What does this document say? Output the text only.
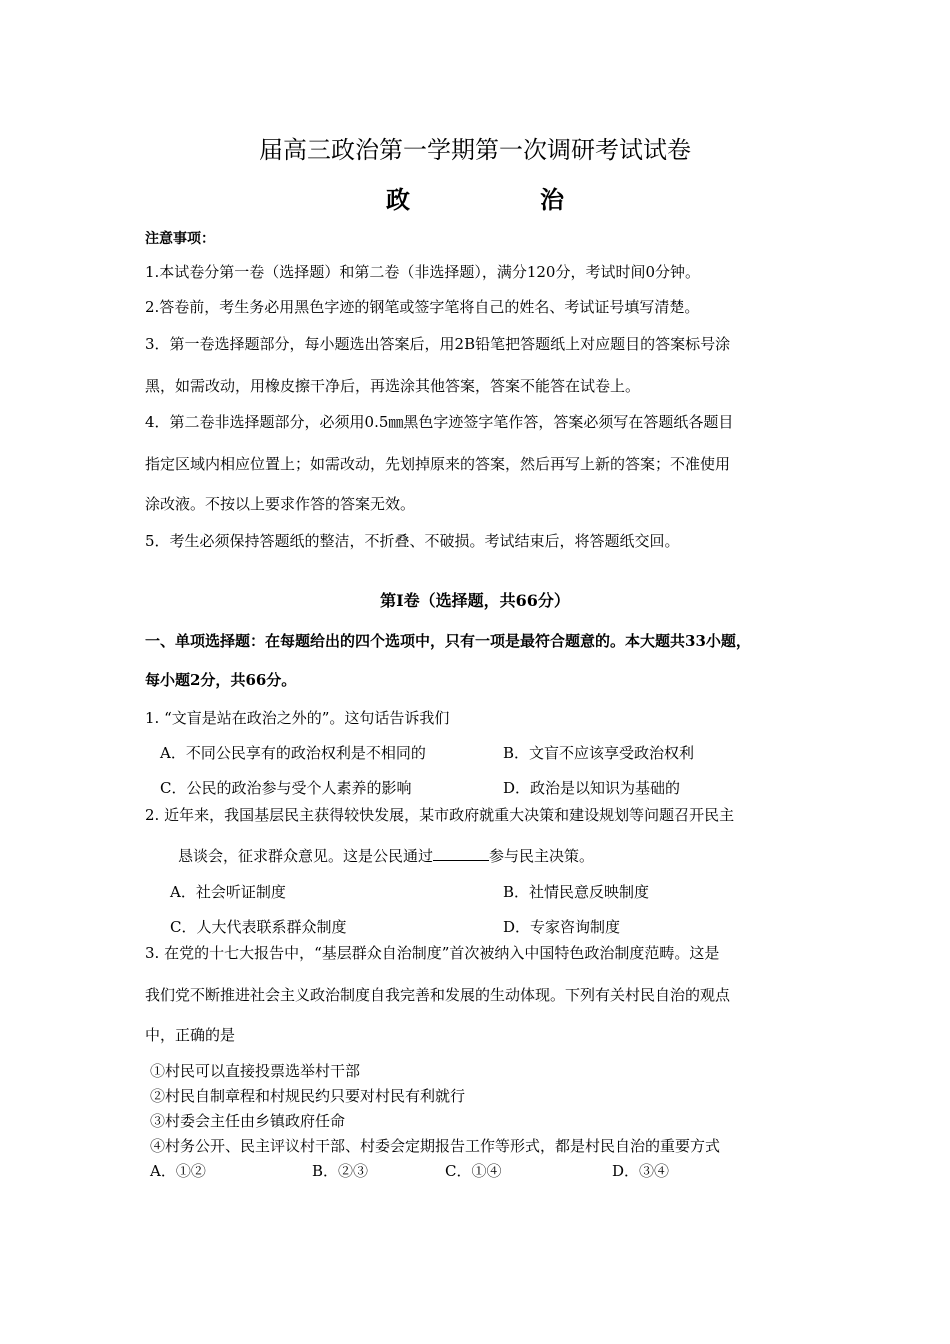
届高三政治第一学期第一次调研考试试卷
政	治
注意事项：
1.本试卷分第一卷（选择题）和第二卷（非选择题），满分120分，考试时间0分钟。
2.答卷前，考生务必用黑色字迹的钢笔或签字笔将自己的姓名、考试证号填写清楚。
3．第一卷选择题部分，每小题选出答案后，用2B铅笔把答题纸上对应题目的答案标号涂
黑，如需改动，用橡皮擦干净后，再选涂其他答案，答案不能答在试卷上。
4．第二卷非选择题部分，必须用0.5㎜黑色字迹签字笔作答，答案必须写在答题纸各题目
指定区域内相应位置上；如需改动，先划掉原来的答案，然后再写上新的答案；不准使用
涂改液。不按以上要求作答的答案无效。
5．考生必须保持答题纸的整洁，不折叠、不破损。考试结束后，将答题纸交回。
第Ⅰ卷（选择题，共66分）
一、单项选择题：在每题给出的四个选项中，只有一项是最符合题意的。本大题共33小题，
每小题2分，共66分。
1. “文盲是站在政治之外的”。这句话告诉我们
A．不同公民享有的政治权利是不相同的	B．文盲不应该享受政治权利
C．公民的政治参与受个人素养的影响	D．政治是以知识为基础的
2. 近年来，我国基层民主获得较快发展，某市政府就重大决策和建设规划等问题召开民主
恳谈会，征求群众意见。这是公民通过	参与民主决策。
A．社会听证制度	B．社情民意反映制度
C．人大代表联系群众制度	D．专家咨询制度
3. 在党的十七大报告中，“基层群众自治制度”首次被纳入中国特色政治制度范畴。这是
我们党不断推进社会主义政治制度自我完善和发展的生动体现。下列有关村民自治的观点
中，正确的是
①村民可以直接投票选举村干部
②村民自制章程和村规民约只要对村民有利就行
③村委会主任由乡镇政府任命
④村务公开、民主评议村干部、村委会定期报告工作等形式，都是村民自治的重要方式
A．①②	B．②③	C．①④	D．③④
